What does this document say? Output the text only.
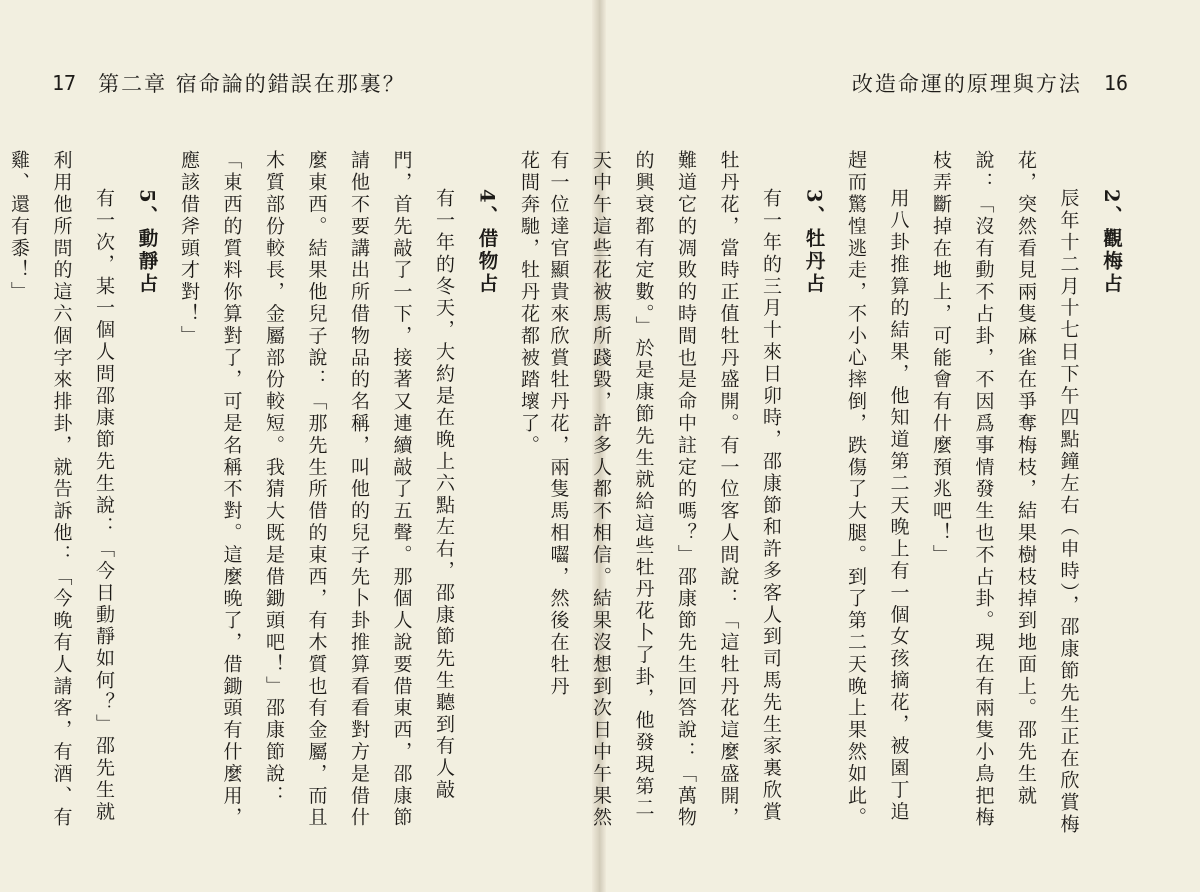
17 第二章 宿命論的錯誤在那裏？	改造命運的原理與方法 16
2、觀梅占

辰年十二月十七日下午四點鐘左右（申時），邵康節先生正在欣賞梅花，突然看見兩隻麻雀在爭奪梅枝，結果樹枝掉到地面上。邵先生就說：「沒有動不占卦，不因爲事情發生也不占卦。現在有兩隻小鳥把梅枝弄斷掉在地上，可能會有什麼預兆吧！」

用八卦推算的結果，他知道第二天晚上有一個女孩摘花，被園丁追趕而驚惶逃走，不小心摔倒，跌傷了大腿。到了第二天晚上果然如此。

3、牡丹占

有一年的三月十來日卯時，邵康節和許多客人到司馬先生家裏欣賞牡丹花，當時正值牡丹盛開。有一位客人問說：「這牡丹花這麼盛開，難道它的凋敗的時間也是命中註定的嗎？」邵康節先生回答說：「萬物的興衰都有定數。」於是康節先生就給這些牡丹花卜了卦，他發現第二天中午這些花被馬所踐毀，許多人都不相信。結果沒想到次日中午果然有一位達官顯貴來欣賞牡丹花，兩隻馬相囓，然後在牡丹

花間奔馳，牡丹花都被踏壞了。

4、借物占

有一年的冬天，大約是在晚上六點左右，邵康節先生聽到有人敲門，首先敲了一下，接著又連續敲了五聲。那個人說要借東西，邵康節請他不要講出所借物品的名稱，叫他的兒子先卜卦推算看看對方是借什麼東西。結果他兒子說：「那先生所借的東西，有木質也有金屬，而且木質部份較長，金屬部份較短。我猜大既是借鋤頭吧！」邵康節說：「東西的質料你算對了，可是名稱不對。這麼晚了，借鋤頭有什麼用，應該借斧頭才對！」

5、動靜占

有一次，某一個人問邵康節先生說：「今日動靜如何？」邵先生就利用他所問的這六個字來排卦，就告訴他：「今晚有人請客，有酒、有雞、還有黍！」
